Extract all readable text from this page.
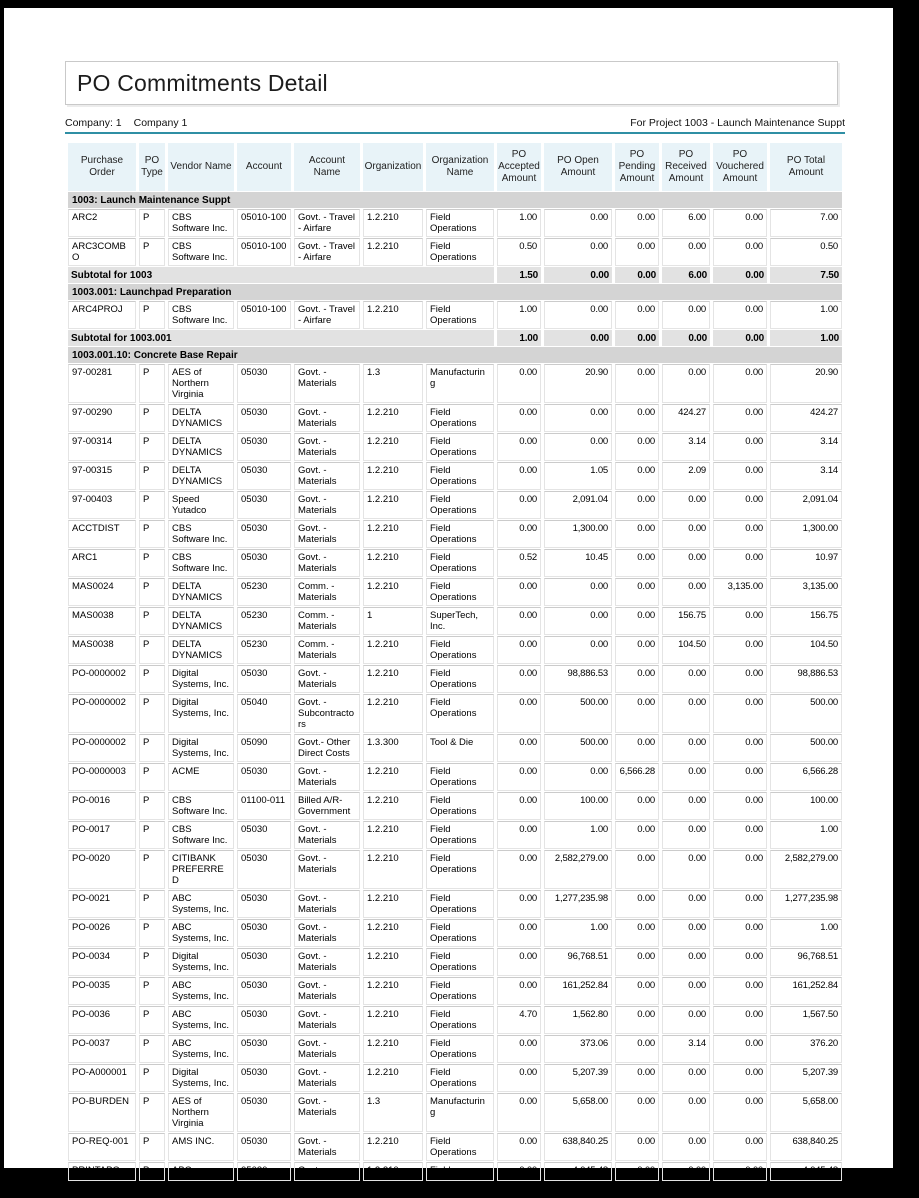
PO Commitments Detail
Company: 1 Company 1	For Project 1003 - Launch Maintenance Suppt
Purchase Order	PO Type	Vendor Name	Account	Account Name	Organization	Organization Name	PO Accepted Amount	PO Open Amount	PO Pending Amount	PO Received Amount	PO Vouchered Amount	PO Total Amount
1003: Launch Maintenance Suppt												
ARC2	P	CBS Software Inc.	05010-100	Govt. - Travel - Airfare	1.2.210	Field Operations	1.00	0.00	0.00	6.00	0.00	7.00
ARC3COMBO	P	CBS Software Inc.	05010-100	Govt. - Travel - Airfare	1.2.210	Field Operations	0.50	0.00	0.00	0.00	0.00	0.50
Subtotal for 1003							1.50	0.00	0.00	6.00	0.00	7.50
1003.001: Launchpad Preparation												
ARC4PROJ	P	CBS Software Inc.	05010-100	Govt. - Travel - Airfare	1.2.210	Field Operations	1.00	0.00	0.00	0.00	0.00	1.00
Subtotal for 1003.001							1.00	0.00	0.00	0.00	0.00	1.00
1003.001.10: Concrete Base Repair												
97-00281	P	AES of Northern Virginia	05030	Govt. - Materials	1.3	Manufacturing	0.00	20.90	0.00	0.00	0.00	20.90
97-00290	P	DELTA DYNAMICS	05030	Govt. - Materials	1.2.210	Field Operations	0.00	0.00	0.00	424.27	0.00	424.27
97-00314	P	DELTA DYNAMICS	05030	Govt. - Materials	1.2.210	Field Operations	0.00	0.00	0.00	3.14	0.00	3.14
97-00315	P	DELTA DYNAMICS	05030	Govt. - Materials	1.2.210	Field Operations	0.00	1.05	0.00	2.09	0.00	3.14
97-00403	P	Speed Yutadco	05030	Govt. - Materials	1.2.210	Field Operations	0.00	2,091.04	0.00	0.00	0.00	2,091.04
ACCTDIST	P	CBS Software Inc.	05030	Govt. - Materials	1.2.210	Field Operations	0.00	1,300.00	0.00	0.00	0.00	1,300.00
ARC1	P	CBS Software Inc.	05030	Govt. - Materials	1.2.210	Field Operations	0.52	10.45	0.00	0.00	0.00	10.97
MAS0024	P	DELTA DYNAMICS	05230	Comm. - Materials	1.2.210	Field Operations	0.00	0.00	0.00	0.00	3,135.00	3,135.00
MAS0038	P	DELTA DYNAMICS	05230	Comm. - Materials	1	SuperTech, Inc.	0.00	0.00	0.00	156.75	0.00	156.75
MAS0038	P	DELTA DYNAMICS	05230	Comm. - Materials	1.2.210	Field Operations	0.00	0.00	0.00	104.50	0.00	104.50
PO-0000002	P	Digital Systems, Inc.	05030	Govt. - Materials	1.2.210	Field Operations	0.00	98,886.53	0.00	0.00	0.00	98,886.53
PO-0000002	P	Digital Systems, Inc.	05040	Govt. - Subcontractors	1.2.210	Field Operations	0.00	500.00	0.00	0.00	0.00	500.00
PO-0000002	P	Digital Systems, Inc.	05090	Govt.- Other Direct Costs	1.3.300	Tool & Die	0.00	500.00	0.00	0.00	0.00	500.00
PO-0000003	P	ACME	05030	Govt. - Materials	1.2.210	Field Operations	0.00	0.00	6,566.28	0.00	0.00	6,566.28
PO-0016	P	CBS Software Inc.	01100-011	Billed A/R-Government	1.2.210	Field Operations	0.00	100.00	0.00	0.00	0.00	100.00
PO-0017	P	CBS Software Inc.	05030	Govt. - Materials	1.2.210	Field Operations	0.00	1.00	0.00	0.00	0.00	1.00
PO-0020	P	CITIBANK PREFERRED	05030	Govt. - Materials	1.2.210	Field Operations	0.00	2,582,279.00	0.00	0.00	0.00	2,582,279.00
PO-0021	P	ABC Systems, Inc.	05030	Govt. - Materials	1.2.210	Field Operations	0.00	1,277,235.98	0.00	0.00	0.00	1,277,235.98
PO-0026	P	ABC Systems, Inc.	05030	Govt. - Materials	1.2.210	Field Operations	0.00	1.00	0.00	0.00	0.00	1.00
PO-0034	P	Digital Systems, Inc.	05030	Govt. - Materials	1.2.210	Field Operations	0.00	96,768.51	0.00	0.00	0.00	96,768.51
PO-0035	P	ABC Systems, Inc.	05030	Govt. - Materials	1.2.210	Field Operations	0.00	161,252.84	0.00	0.00	0.00	161,252.84
PO-0036	P	ABC Systems, Inc.	05030	Govt. - Materials	1.2.210	Field Operations	4.70	1,562.80	0.00	0.00	0.00	1,567.50
PO-0037	P	ABC Systems, Inc.	05030	Govt. - Materials	1.2.210	Field Operations	0.00	373.06	0.00	3.14	0.00	376.20
PO-A000001	P	Digital Systems, Inc.	05030	Govt. - Materials	1.2.210	Field Operations	0.00	5,207.39	0.00	0.00	0.00	5,207.39
PO-BURDEN	P	AES of Northern Virginia	05030	Govt. - Materials	1.3	Manufacturing	0.00	5,658.00	0.00	0.00	0.00	5,658.00
PO-REQ-001	P	AMS INC.	05030	Govt. - Materials	1.2.210	Field Operations	0.00	638,840.25	0.00	0.00	0.00	638,840.25
PRINTAPO	P	ABC	05030	Govt. -	1.2.210	Field	0.00	4,045.48	0.00	0.00	0.00	4,045.48
Page 1 of 2
